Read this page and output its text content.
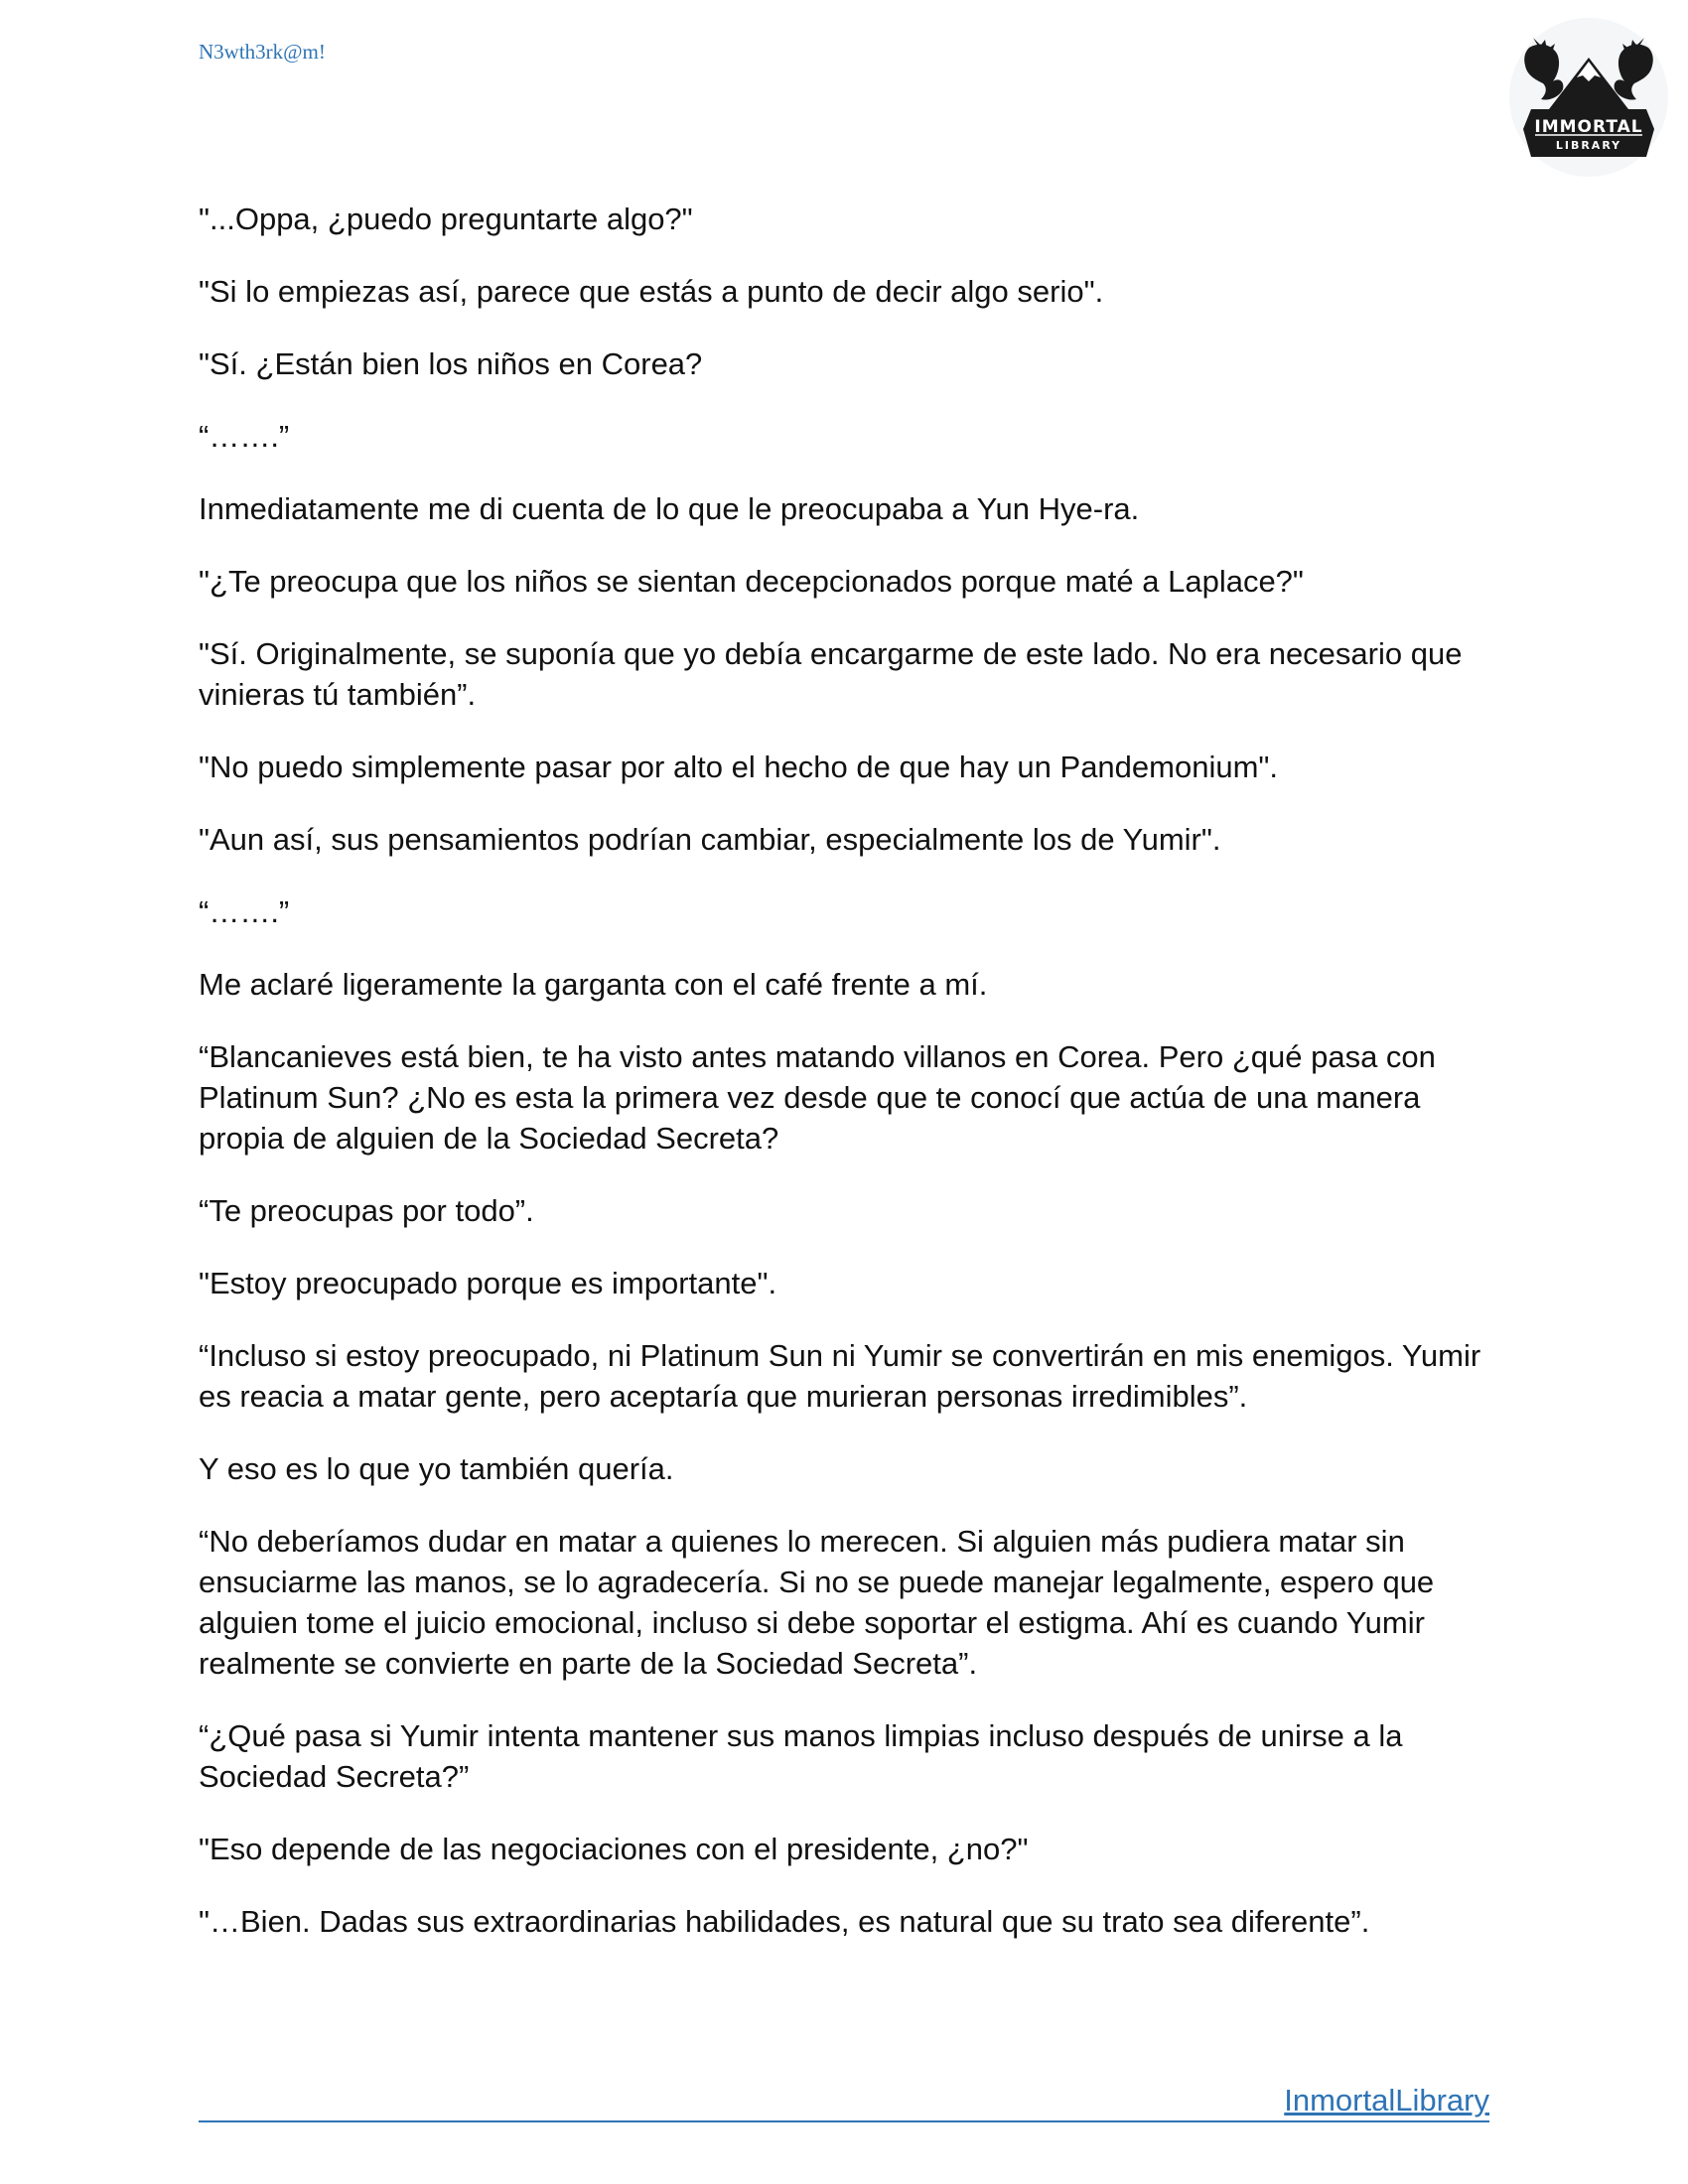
N3wth3rk@m!
IMMORTAL
LIBRARY

"...Oppa, ¿puedo preguntarte algo?"

"Si lo empiezas así, parece que estás a punto de decir algo serio".

"Sí. ¿Están bien los niños en Corea?

“…….”

Inmediatamente me di cuenta de lo que le preocupaba a Yun Hye-ra.

"¿Te preocupa que los niños se sientan decepcionados porque maté a Laplace?"

"Sí. Originalmente, se suponía que yo debía encargarme de este lado. No era necesario que vinieras tú también”.

"No puedo simplemente pasar por alto el hecho de que hay un Pandemonium".

"Aun así, sus pensamientos podrían cambiar, especialmente los de Yumir".

“…….”

Me aclaré ligeramente la garganta con el café frente a mí.

“Blancanieves está bien, te ha visto antes matando villanos en Corea. Pero ¿qué pasa con Platinum Sun? ¿No es esta la primera vez desde que te conocí que actúa de una manera propia de alguien de la Sociedad Secreta?

“Te preocupas por todo”.

"Estoy preocupado porque es importante".

“Incluso si estoy preocupado, ni Platinum Sun ni Yumir se convertirán en mis enemigos. Yumir es reacia a matar gente, pero aceptaría que murieran personas irredimibles”.

Y eso es lo que yo también quería.

“No deberíamos dudar en matar a quienes lo merecen. Si alguien más pudiera matar sin ensuciarme las manos, se lo agradecería. Si no se puede manejar legalmente, espero que alguien tome el juicio emocional, incluso si debe soportar el estigma. Ahí es cuando Yumir realmente se convierte en parte de la Sociedad Secreta”.

“¿Qué pasa si Yumir intenta mantener sus manos limpias incluso después de unirse a la Sociedad Secreta?”

"Eso depende de las negociaciones con el presidente, ¿no?"

"…Bien. Dadas sus extraordinarias habilidades, es natural que su trato sea diferente”.

InmortalLibrary
